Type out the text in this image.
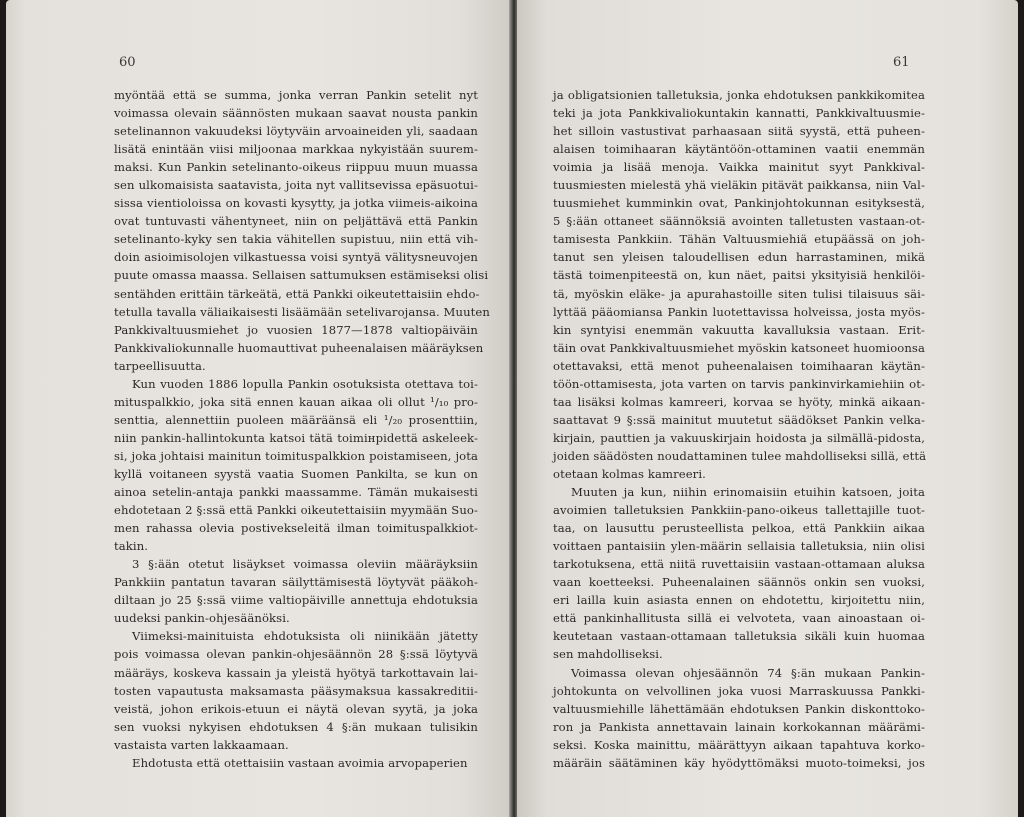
60
myöntää että se summa, jonka verran Pankin setelit nyt
voimassa olevain säännösten mukaan saavat nousta pankin
setelinannon vakuudeksi löytyväin arvoaineiden yli, saadaan
lisätä enintään viisi miljoonaa markkaa nykyistään suurem-
maksi. Kun Pankin setelinanto-oikeus riippuu muun muassa
sen ulkomaisista saatavista, joita nyt vallitsevissa epäsuotui-
sissa vientioloissa on kovasti kysytty, ja jotka viimeis-aikoina
ovat tuntuvasti vähentyneet, niin on peljättävä että Pankin
setelinanto-kyky sen takia vähitellen supistuu, niin että vih-
doin asioimisolojen vilkastuessa voisi syntyä välitysneuvojen
puute omassa maassa. Sellaisen sattumuksen estämiseksi olisi
sentähden erittäin tärkeätä, että Pankki oikeutettaisiin ehdo-
tetulla tavalla väliaikaisesti lisäämään setelivarojansa. Muuten
Pankkivaltuusmiehet jo vuosien 1877—1878 valtiopäiväin
Pankkivaliokunnalle huomauttivat puheenalaisen määräyksen
tarpeellisuutta.
Kun vuoden 1886 lopulla Pankin osotuksista otettava toi-
mituspalkkio, joka sitä ennen kauan aikaa oli ollut ¹/₁₀ pro-
senttia, alennettiin puoleen määräänsä eli ¹/₂₀ prosenttiin,
niin pankin-hallintokunta katsoi tätä toimінpidettä askeleek-
si, joka johtaisi mainitun toimituspalkkion poistamiseen, jota
kyllä voitaneen syystä vaatia Suomen Pankilta, se kun on
ainoa setelin-antaja pankki maassamme. Tämän mukaisesti
ehdotetaan 2 §:ssä että Pankki oikeutettaisiin myymään Suo-
men rahassa olevia postivekseleitä ilman toimituspalkkiot-
takin.
3 §:ään otetut lisäykset voimassa oleviin määräyksiin
Pankkiin pantatun tavaran säilyttämisestä löytyvät pääkoh-
diltaan jo 25 §:ssä viime valtiopäiville annettuja ehdotuksia
uudeksi pankin-ohjesäänöksi.
Viimeksi-mainituista ehdotuksista oli niinikään jätetty
pois voimassa olevan pankin-ohjesäännön 28 §:ssä löytyvä
määräys, koskeva kassain ja yleistä hyötyä tarkottavain lai-
tosten vapautusta maksamasta pääsymaksua kassakreditii-
veistä, johon erikois-etuun ei näytä olevan syytä, ja joka
sen vuoksi nykyisen ehdotuksen 4 §:än mukaan tulisikin
vastaista varten lakkaamaan.
Ehdotusta että otettaisiin vastaan avoimia arvopaperien
61
ja obligatsionien talletuksia, jonka ehdotuksen pankkikomitea
teki ja jota Pankkivaliokuntakin kannatti, Pankkivaltuusmie-
het silloin vastustivat parhaasaan siitä syystä, että puheen-
alaisen toimihaaran käytäntöön-ottaminen vaatii enemmän
voimia ja lisää menoja. Vaikka mainitut syyt Pankkival-
tuusmiesten mielestä yhä vieläkin pitävät paikkansa, niin Val-
tuusmiehet kumminkin ovat, Pankinjohtokunnan esityksestä,
5 §:ään ottaneet säännöksiä avointen talletusten vastaan-ot-
tamisesta Pankkiin. Tähän Valtuusmiehiä etupäässä on joh-
tanut sen yleisen taloudellisen edun harrastaminen, mikä
tästä toimenpiteestä on, kun näet, paitsi yksityisiä henkilöi-
tä, myöskin eläke- ja apurahastoille siten tulisi tilaisuus säi-
lyttää pääomiansa Pankin luotettavissa holveissa, josta myös-
kin syntyisi enemmän vakuutta kavalluksia vastaan. Erit-
täin ovat Pankkivaltuusmiehet myöskin katsoneet huomioonsa
otettavaksi, että menot puheenalaisen toimihaaran käytän-
töön-ottamisesta, jota varten on tarvis pankinvirkamiehiin ot-
taa lisäksi kolmas kamreeri, korvaa se hyöty, minkä aikaan-
saattavat 9 §:ssä mainitut muutetut säädökset Pankin velka-
kirjain, pauttien ja vakuuskirjain hoidosta ja silmällä-pidosta,
joiden säädösten noudattaminen tulee mahdolliseksi sillä, että
otetaan kolmas kamreeri.
Muuten ja kun, niihin erinomaisiin etuihin katsoen, joita
avoimien talletuksien Pankkiin-pano-oikeus tallettajille tuot-
taa, on lausuttu perusteellista pelkoa, että Pankkiin aikaa
voittaen pantaisiin ylen-määrin sellaisia talletuksia, niin olisi
tarkotuksena, että niitä ruvettaisiin vastaan-ottamaan aluksa
vaan koetteeksi. Puheenalainen säännös onkin sen vuoksi,
eri lailla kuin asiasta ennen on ehdotettu, kirjoitettu niin,
että pankinhallitusta sillä ei velvoteta, vaan ainoastaan oi-
keutetaan vastaan-ottamaan talletuksia sikäli kuin huomaa
sen mahdolliseksi.
Voimassa olevan ohjesäännön 74 §:än mukaan Pankin-
johtokunta on velvollinen joka vuosi Marraskuussa Pankki-
valtuusmiehille lähettämään ehdotuksen Pankin diskonttoko-
ron ja Pankista annettavain lainain korkokannan määrämi-
seksi. Koska mainittu, määrättyyn aikaan tapahtuva korko-
määräin säätäminen käy hyödyttömäksi muoto-toimeksi, jos
